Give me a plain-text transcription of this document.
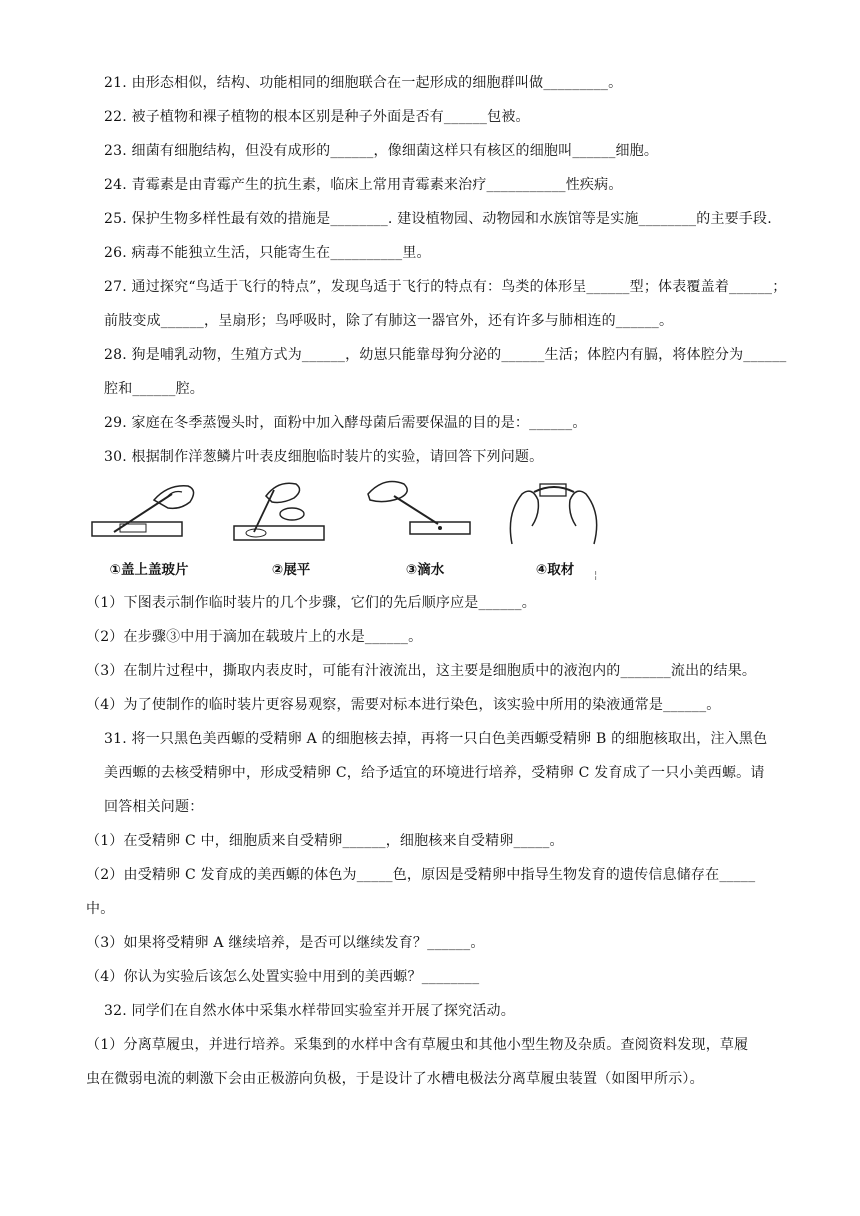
21. 由形态相似，结构、功能相同的细胞联合在一起形成的细胞群叫做_________。
22. 被子植物和裸子植物的根本区别是种子外面是否有______包被。
23. 细菌有细胞结构，但没有成形的______，像细菌这样只有核区的细胞叫______细胞。
24. 青霉素是由青霉产生的抗生素，临床上常用青霉素来治疗___________性疾病。
25. 保护生物多样性最有效的措施是________. 建设植物园、动物园和水族馆等是实施________的主要手段.
26. 病毒不能独立生活，只能寄生在__________里。
27. 通过探究“鸟适于飞行的特点”，发现鸟适于飞行的特点有：鸟类的体形呈______型；体表覆盖着______；
前肢变成______，呈扇形；鸟呼吸时，除了有肺这一器官外，还有许多与肺相连的______。
28. 狗是哺乳动物，生殖方式为______，幼崽只能靠母狗分泌的______生活；体腔内有膈，将体腔分为______
腔和______腔。
29. 家庭在冬季蒸馒头时，面粉中加入酵母菌后需要保温的目的是：______。
30. 根据制作洋葱鳞片叶表皮细胞临时装片的实验，请回答下列问题。
①盖上盖玻片	②展平	③滴水	④取材	¦
（1）下图表示制作临时装片的几个步骤，它们的先后顺序应是______。
（2）在步骤③中用于滴加在载玻片上的水是______。
（3）在制片过程中，撕取内表皮时，可能有汁液流出，这主要是细胞质中的液泡内的_______流出的结果。
（4）为了使制作的临时装片更容易观察，需要对标本进行染色，该实验中所用的染液通常是______。
31. 将一只黑色美西螈的受精卵 A 的细胞核去掉，再将一只白色美西螈受精卵 B 的细胞核取出，注入黑色
美西螈的去核受精卵中，形成受精卵 C，给予适宜的环境进行培养，受精卵 C 发育成了一只小美西螈。请
回答相关问题：
（1）在受精卵 C 中，细胞质来自受精卵______，细胞核来自受精卵_____。
（2）由受精卵 C 发育成的美西螈的体色为_____色，原因是受精卵中指导生物发育的遗传信息储存在_____
中。
（3）如果将受精卵 A 继续培养，是否可以继续发育？______。
（4）你认为实验后该怎么处置实验中用到的美西螈？________
32. 同学们在自然水体中采集水样带回实验室并开展了探究活动。
（1）分离草履虫，并进行培养。采集到的水样中含有草履虫和其他小型生物及杂质。查阅资料发现，草履
虫在微弱电流的刺激下会由正极游向负极，于是设计了水槽电极法分离草履虫装置（如图甲所示）。
